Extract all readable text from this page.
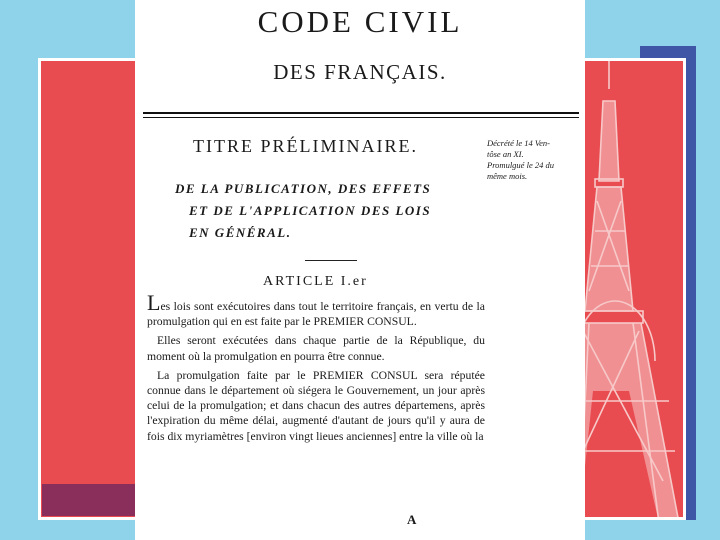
CODE CIVIL
DES FRANÇAIS.
TITRE PRÉLIMINAIRE.
DE LA PUBLICATION, DES EFFETS
ET DE L'APPLICATION DES LOIS
EN GÉNÉRAL.
ARTICLE I.er

Les lois sont exécutoires dans tout le territoire français, en vertu de la promulgation qui en est faite par le PREMIER CONSUL.

Elles seront exécutées dans chaque partie de la République, du moment où la promulgation en pourra être connue.

La promulgation faite par le PREMIER CONSUL sera réputée connue dans le département où siégera le Gouvernement, un jour après celui de la promulgation; et dans chacun des autres départemens, après l'expiration du même délai, augmenté d'autant de jours qu'il y aura de fois dix myriamètres [environ vingt lieues anciennes] entre la ville où la

Décrété le 14 Ven-
tôse an XI.
Promulgué le 24 du
même mois.
A
